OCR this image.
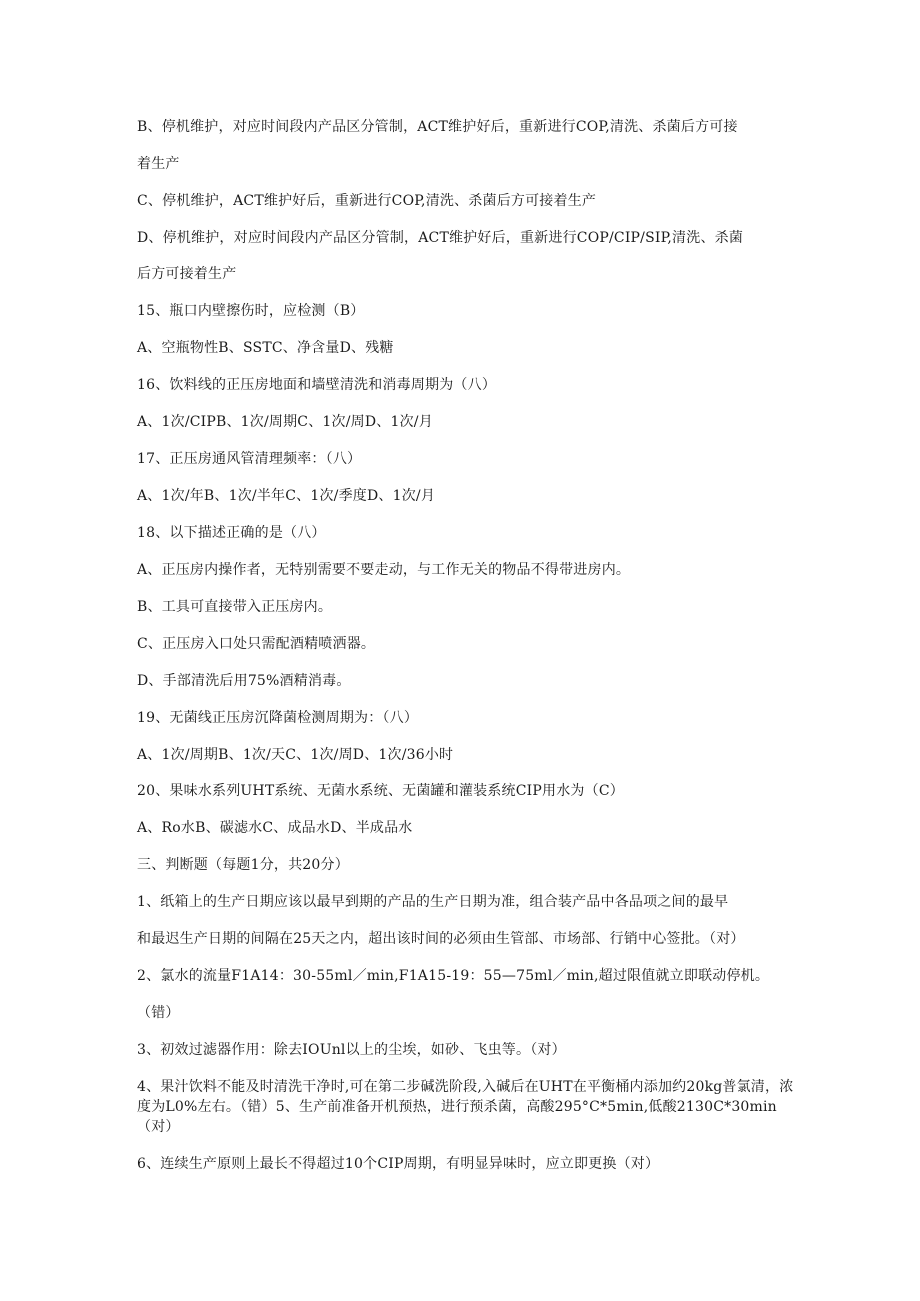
B、停机维护，对应时间段内产品区分管制，ACT维护好后，重新进行COP,清洗、杀菌后方可接
着生产
C、停机维护，ACT维护好后，重新进行COP,清洗、杀菌后方可接着生产
D、停机维护，对应时间段内产品区分管制，ACT维护好后，重新进行COP/CIP/SIP,清洗、杀菌
后方可接着生产
15、瓶口内壁擦伤时，应检测（B）
A、空瓶物性B、SSTC、净含量D、残糖
16、饮料线的正压房地面和墙壁清洗和消毒周期为（八）
A、1次/CIPB、1次/周期C、1次/周D、1次/月
17、正压房通风管清理频率：（八）
A、1次/年B、1次/半年C、1次/季度D、1次/月
18、以下描述正确的是（八）
A、正压房内操作者，无特别需要不要走动，与工作无关的物品不得带进房内。
B、工具可直接带入正压房内。
C、正压房入口处只需配酒精喷洒器。
D、手部清洗后用75%酒精消毒。
19、无菌线正压房沉降菌检测周期为：（八）
A、1次/周期B、1次/天C、1次/周D、1次/36小时
20、果味水系列UHT系统、无菌水系统、无菌罐和灌装系统CIP用水为（C）
A、Ro水B、碳滤水C、成品水D、半成品水
三、判断题（每题1分，共20分）
1、纸箱上的生产日期应该以最早到期的产品的生产日期为准，组合装产品中各品项之间的最早
和最迟生产日期的间隔在25天之内，超出该时间的必须由生管部、市场部、行销中心签批。（对）
2、氯水的流量F1A14：30-55ml／min,F1A15-19：55—75ml／min,超过限值就立即联动停机。
（错）
3、初效过滤器作用：除去IOUnl以上的尘埃，如砂、飞虫等。（对）
4、果汁饮料不能及时清洗干净时,可在第二步碱洗阶段,入碱后在UHT在平衡桶内添加约20kg普氯清，浓度为L0%左右。（错）5、生产前准备开机预热，进行预杀菌，高酸295°C*5min,低酸2130C*30min（对）
6、连续生产原则上最长不得超过10个CIP周期，有明显异味时，应立即更换（对）
